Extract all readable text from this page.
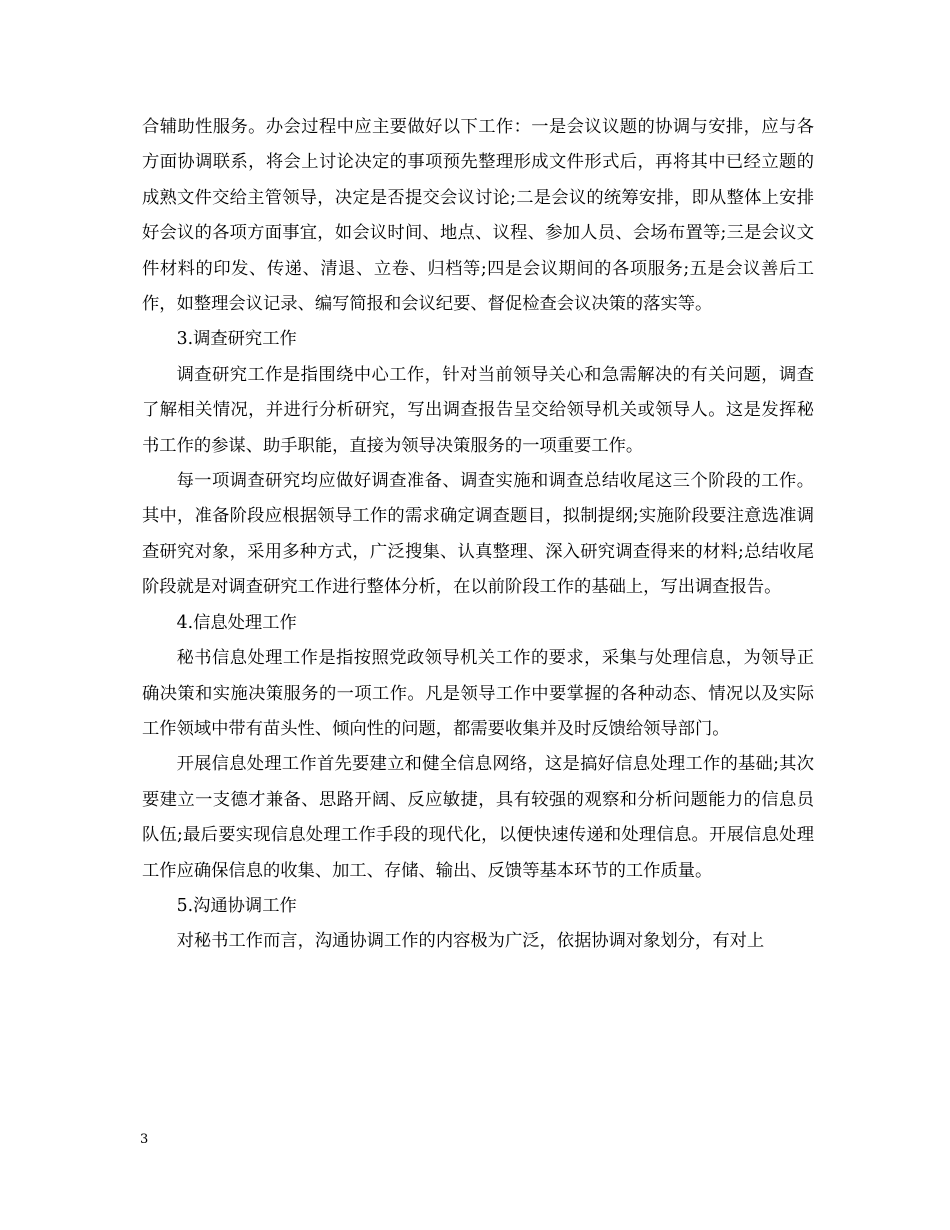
合辅助性服务。办会过程中应主要做好以下工作：一是会议议题的协调与安排，应与各方面协调联系，将会上讨论决定的事项预先整理形成文件形式后，再将其中已经立题的成熟文件交给主管领导，决定是否提交会议讨论;二是会议的统筹安排，即从整体上安排好会议的各项方面事宜，如会议时间、地点、议程、参加人员、会场布置等;三是会议文件材料的印发、传递、清退、立卷、归档等;四是会议期间的各项服务;五是会议善后工作，如整理会议记录、编写简报和会议纪要、督促检查会议决策的落实等。

3.调查研究工作

调查研究工作是指围绕中心工作，针对当前领导关心和急需解决的有关问题，调查了解相关情况，并进行分析研究，写出调查报告呈交给领导机关或领导人。这是发挥秘书工作的参谋、助手职能，直接为领导决策服务的一项重要工作。

每一项调查研究均应做好调查准备、调查实施和调查总结收尾这三个阶段的工作。其中，准备阶段应根据领导工作的需求确定调查题目，拟制提纲;实施阶段要注意选准调查研究对象，采用多种方式，广泛搜集、认真整理、深入研究调查得来的材料;总结收尾阶段就是对调查研究工作进行整体分析，在以前阶段工作的基础上，写出调查报告。

4.信息处理工作

秘书信息处理工作是指按照党政领导机关工作的要求，采集与处理信息，为领导正确决策和实施决策服务的一项工作。凡是领导工作中要掌握的各种动态、情况以及实际工作领域中带有苗头性、倾向性的问题，都需要收集并及时反馈给领导部门。

开展信息处理工作首先要建立和健全信息网络，这是搞好信息处理工作的基础;其次要建立一支德才兼备、思路开阔、反应敏捷，具有较强的观察和分析问题能力的信息员队伍;最后要实现信息处理工作手段的现代化，以便快速传递和处理信息。开展信息处理工作应确保信息的收集、加工、存储、输出、反馈等基本环节的工作质量。

5.沟通协调工作

对秘书工作而言，沟通协调工作的内容极为广泛，依据协调对象划分，有对上

3
